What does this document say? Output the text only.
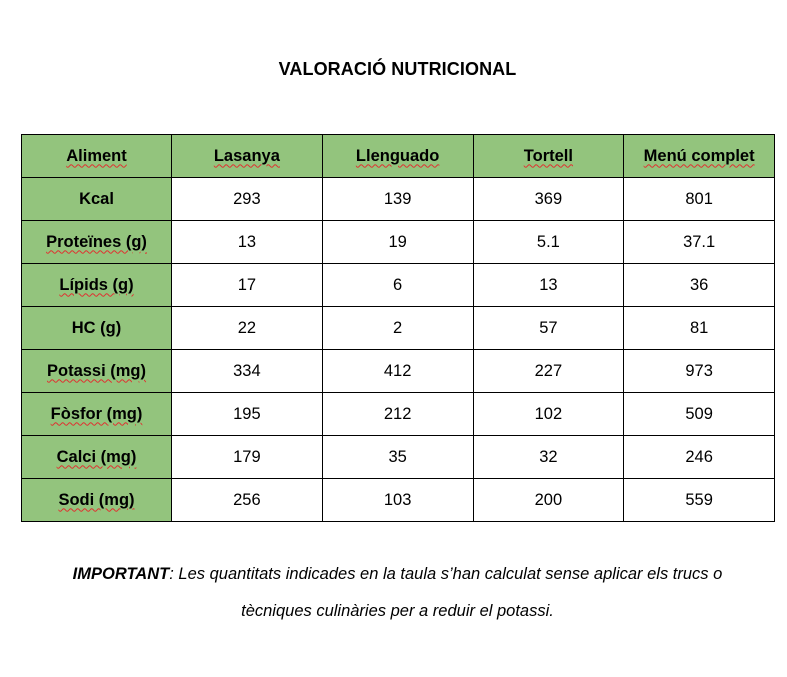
VALORACIÓ NUTRICIONAL
Aliment	Lasanya	Llenguado	Tortell	Menú complet
Kcal	293	139	369	801
Proteïnes (g)	13	19	5.1	37.1
Lípids (g)	17	6	13	36
HC (g)	22	2	57	81
Potassi (mg)	334	412	227	973
Fòsfor (mg)	195	212	102	509
Calci (mg)	179	35	32	246
Sodi (mg)	256	103	200	559
IMPORTANT: Les quantitats indicades en la taula s’han calculat sense aplicar els trucs o
tècniques culinàries per a reduir el potassi.
